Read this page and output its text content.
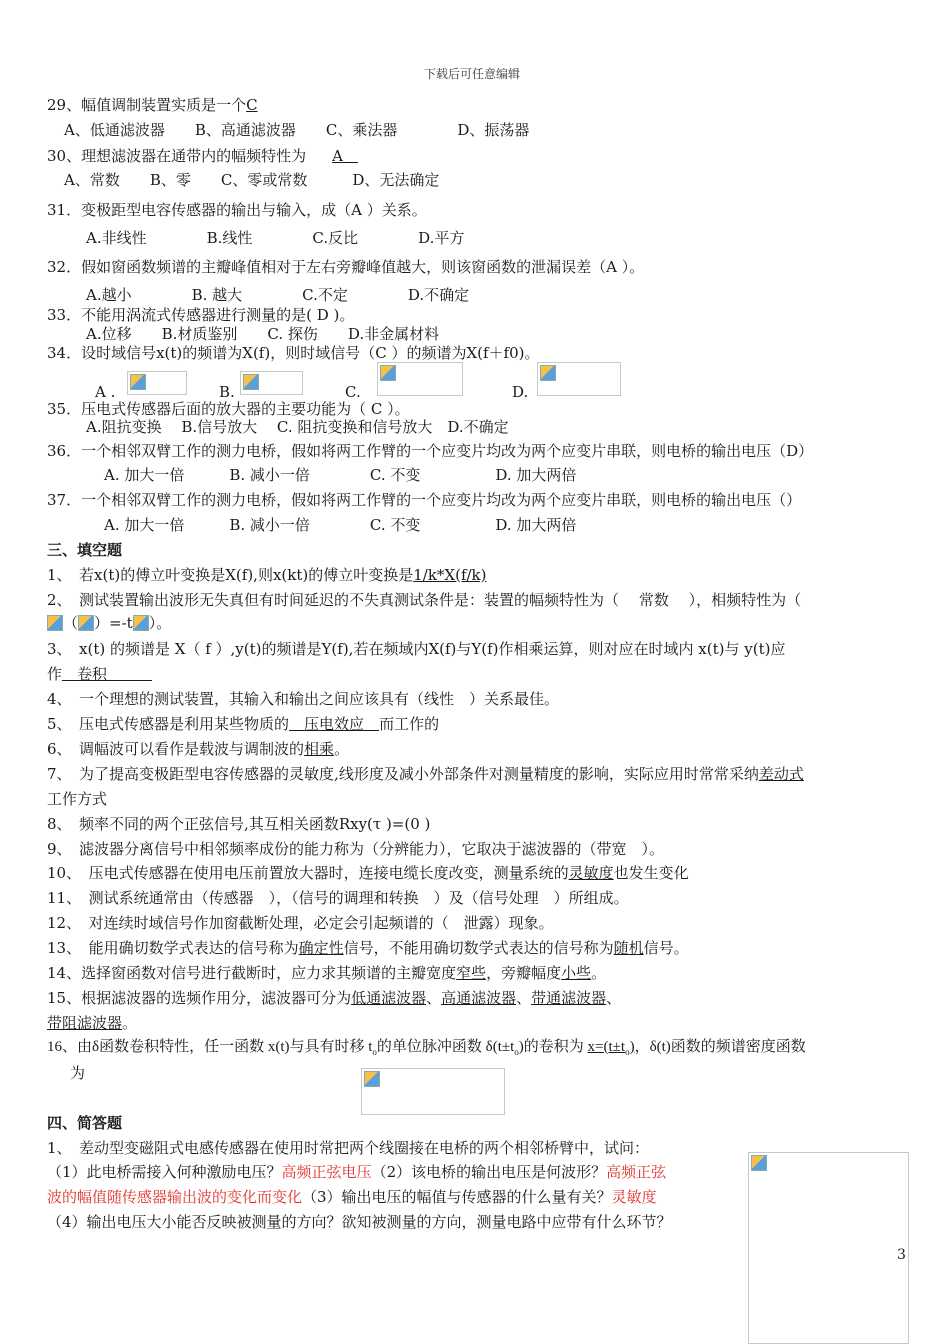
下载后可任意编辑
29、幅值调制装置实质是一个C
A、低通滤波器　　B、高通滤波器　　C、乘法器　　　　D、振荡器
30、理想滤波器在通带内的幅频特性为 A　
A、常数　　B、零　　C、零或常数　　　D、无法确定
31．变极距型电容传感器的输出与输入，成（A ）关系。
A.非线性　　　　B.线性　　　　C.反比　　　　D.平方
32．假如窗函数频谱的主瓣峰值相对于左右旁瓣峰值越大，则该窗函数的泄漏误差（A ）。
A.越小　　　　B. 越大　　　　C.不定　　　　D.不确定
33．不能用涡流式传感器进行测量的是( D )。
A.位移　　B.材质鉴别　　C. 探伤　　D.非金属材料
34．设时域信号x(t)的频谱为X(f)，则时域信号（C ）的频谱为X(f＋f0)。
A .	B.	C.	D.
35．压电式传感器后面的放大器的主要功能为（ C ）。
A.阻抗变换　 B.信号放大　 C. 阻抗变换和信号放大　D.不确定
36．一个相邻双臂工作的测力电桥，假如将两工作臂的一个应变片均改为两个应变片串联，则电桥的输出电压（D）
A. 加大一倍　　　B. 减小一倍　　　　C. 不变　　　　　D. 加大两倍
37．一个相邻双臂工作的测力电桥，假如将两工作臂的一个应变片均改为两个应变片串联，则电桥的输出电压（）
A. 加大一倍　　　B. 减小一倍　　　　C. 不变　　　　　D. 加大两倍
三、填空题
1、　若x(t)的傅立叶变换是X(f),则x(kt)的傅立叶变换是1/k*X(f/k)
2、　测试装置输出波形无失真但有时间延迟的不失真测试条件是：装置的幅频特性为（　 常数　 ），相频特性为（
（ ）=-t ）。
3、　x(t) 的频谱是 X（ f ）,y(t)的频谱是Y(f),若在频域内X(f)与Y(f)作相乘运算，则对应在时域内 x(t)与 y(t)应
作　卷积　　　
4、　一个理想的测试装置，其输入和输出之间应该具有（线性　）关系最佳。
5、　压电式传感器是利用某些物质的　压电效应　而工作的
6、　调幅波可以看作是载波与调制波的相乘。
7、　为了提高变极距型电容传感器的灵敏度,线形度及减小外部条件对测量精度的影响，实际应用时常常采纳差动式
工作方式
8、　频率不同的两个正弦信号,其互相关函数Rxy(τ )=(0 )
9、　滤波器分离信号中相邻频率成份的能力称为（分辨能力），它取决于滤波器的（带宽　）。
10、　压电式传感器在使用电压前置放大器时，连接电缆长度改变，测量系统的灵敏度也发生变化
11、　测试系统通常由（传感器　），（信号的调理和转换　）及（信号处理　）所组成。
12、　对连续时域信号作加窗截断处理，必定会引起频谱的（　泄露）现象。
13、　能用确切数学式表达的信号称为确定性信号，不能用确切数学式表达的信号称为随机信号。
14、选择窗函数对信号进行截断时，应力求其频谱的主瓣宽度窄些，旁瓣幅度小些。
15、根据滤波器的选频作用分，滤波器可分为低通滤波器、高通滤波器、带通滤波器、
带阻滤波器。
16、由δ函数卷积特性，任一函数 x(t)与具有时移 $t_o$的单位脉冲函数 $\delta(t\pm t_o)$的卷积为 $x=(t\pm t_o)$，δ(t)函数的频谱密度函数
为
四、简答题
1、　差动型变磁阻式电感传感器在使用时常把两个线圈接在电桥的两个相邻桥臂中，试问：
（1）此电桥需接入何种激励电压？高频正弦电压（2）该电桥的输出电压是何波形？高频正弦
波的幅值随传感器输出波的变化而变化（3）输出电压的幅值与传感器的什么量有关？灵敏度
（4）输出电压大小能否反映被测量的方向？欲知被测量的方向，测量电路中应带有什么环节？
3
